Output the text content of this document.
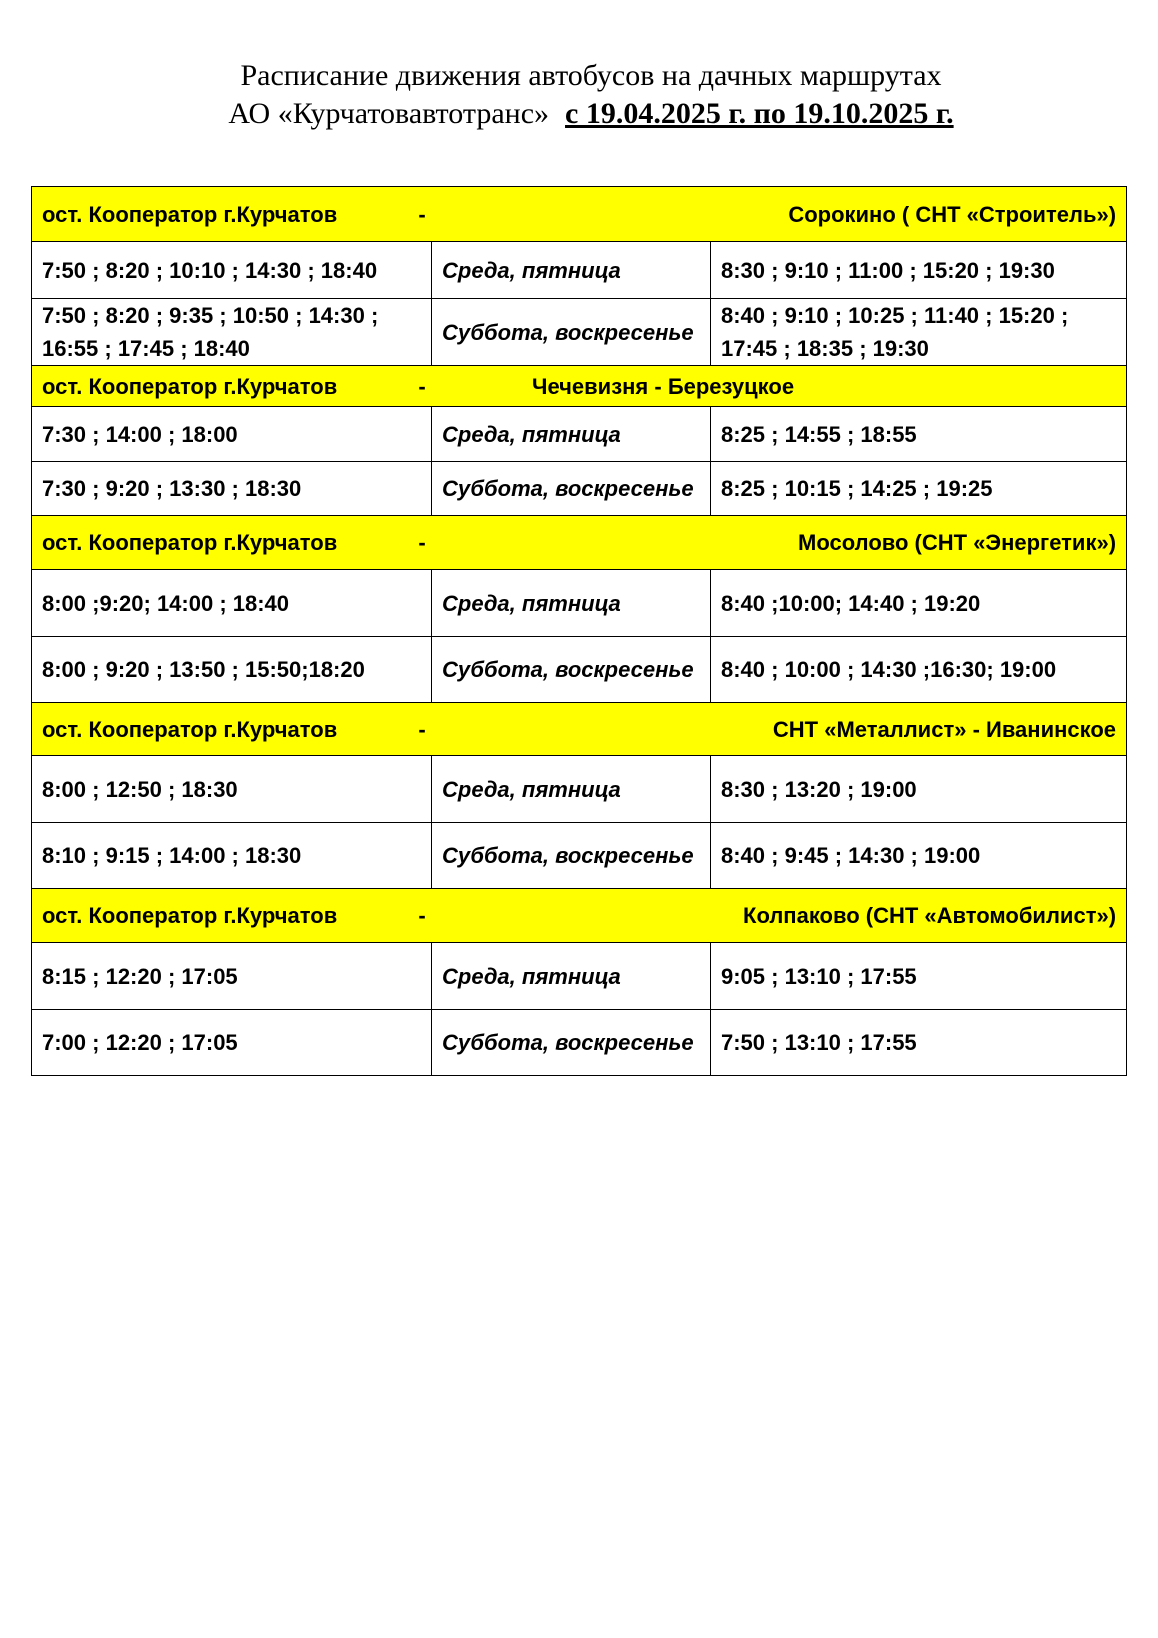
Расписание движения автобусов на дачных маршрутах
АО «Курчатовавтотранс» с 19.04.2025 г. по 19.10.2025 г.
ост. Кооператор г.Курчатов - Сорокино ( СНТ «Строитель»)		

7:50 ; 8:20 ; 10:10 ; 14:30 ; 18:40	Среда, пятница	8:30 ; 9:10 ; 11:00 ; 15:20 ; 19:30
7:50 ; 8:20 ; 9:35 ; 10:50 ; 14:30 ; 16:55 ; 17:45 ; 18:40	Суббота, воскресенье	8:40 ; 9:10 ; 10:25 ; 11:40 ; 15:20 ; 17:45 ; 18:35 ; 19:30

ост. Кооператор г.Курчатов - Чечевизня - Березуцкое		

7:30 ; 14:00 ; 18:00	Среда, пятница	8:25 ; 14:55 ; 18:55
7:30 ; 9:20 ; 13:30 ; 18:30	Суббота, воскресенье	8:25 ; 10:15 ; 14:25 ; 19:25

ост. Кооператор г.Курчатов - Мосолово (СНТ «Энергетик»)		

8:00 ;9:20; 14:00 ; 18:40	Среда, пятница	8:40 ;10:00; 14:40 ; 19:20
8:00 ; 9:20 ; 13:50 ; 15:50;18:20	Суббота, воскресенье	8:40 ; 10:00 ; 14:30 ;16:30; 19:00

ост. Кооператор г.Курчатов - СНТ «Металлист» - Иванинское		

8:00 ; 12:50 ; 18:30	Среда, пятница	8:30 ; 13:20 ; 19:00
8:10 ; 9:15 ; 14:00 ; 18:30	Суббота, воскресенье	8:40 ; 9:45 ; 14:30 ; 19:00

ост. Кооператор г.Курчатов - Колпаково (СНТ «Автомобилист»)		

8:15 ; 12:20 ; 17:05	Среда, пятница	9:05 ; 13:10 ; 17:55
7:00 ; 12:20 ; 17:05	Суббота, воскресенье	7:50 ; 13:10 ; 17:55
